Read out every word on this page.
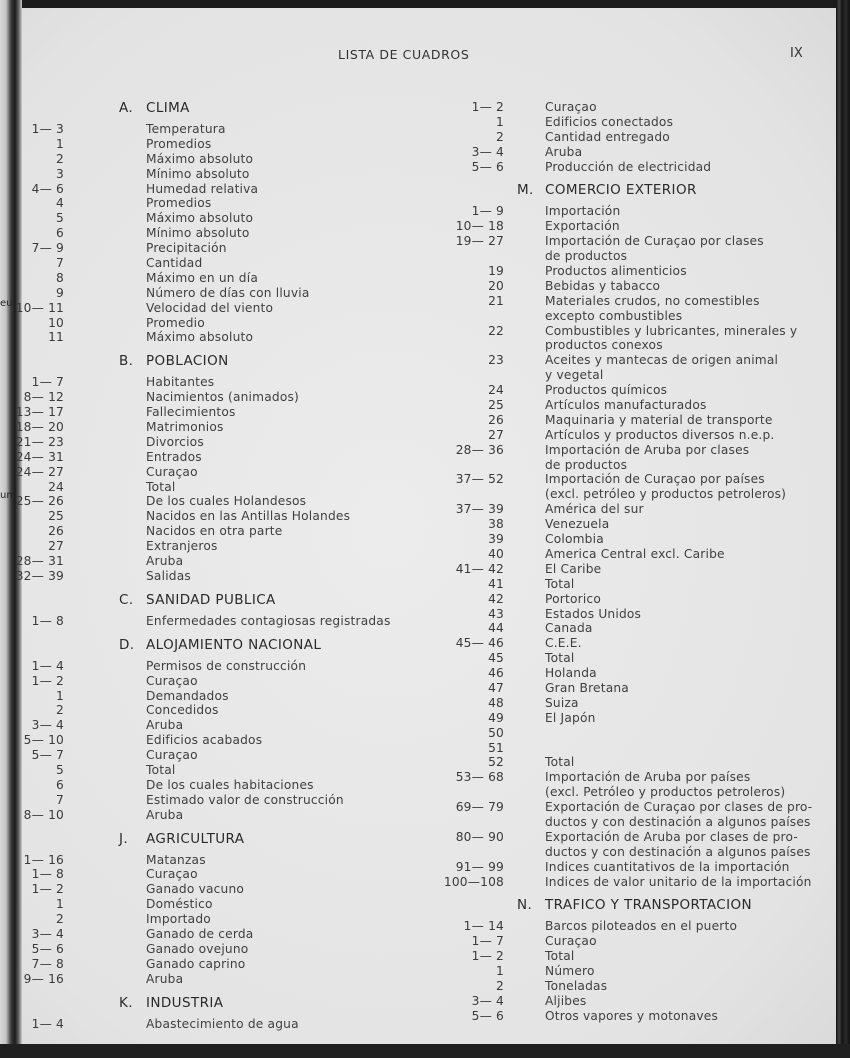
eu
um
LISTA DE CUADROS	IX
A. CLIMA
1— 3	Temperatura
1	Promedios
2	Máximo absoluto
3	Mínimo absoluto
4— 6	Humedad relativa
4	Promedios
5	Máximo absoluto
6	Mínimo absoluto
7— 9	Precipitación
7	Cantidad
8	Máximo en un día
9	Número de días con lluvia
10— 11	Velocidad del viento
10	Promedio
11	Máximo absoluto
B. POBLACION
1— 7	Habitantes
8— 12	Nacimientos (animados)
13— 17	Fallecimientos
18— 20	Matrimonios
21— 23	Divorcios
24— 31	Entrados
24— 27	Curaçao
24	Total
25— 26	De los cuales Holandesos
25	Nacidos en las Antillas Holandes
26	Nacidos en otra parte
27	Extranjeros
28— 31	Aruba
32— 39	Salidas
C. SANIDAD PUBLICA
1— 8	Enfermedades contagiosas registradas
D. ALOJAMIENTO NACIONAL
1— 4	Permisos de construcción
1— 2	Curaçao
1	Demandados
2	Concedidos
3— 4	Aruba
5— 10	Edificios acabados
5— 7	Curaçao
5	Total
6	De los cuales habitaciones
7	Estimado valor de construcción
8— 10	Aruba
J. AGRICULTURA
1— 16	Matanzas
1— 8	Curaçao
1— 2	Ganado vacuno
1	Doméstico
2	Importado
3— 4	Ganado de cerda
5— 6	Ganado ovejuno
7— 8	Ganado caprino
9— 16	Aruba
K. INDUSTRIA
1— 4	Abastecimiento de agua
1— 2	Curaçao
1	Edificios conectados
2	Cantidad entregado
3— 4	Aruba
5— 6	Producción de electricidad
M. COMERCIO EXTERIOR
1— 9	Importación
10— 18	Exportación
19— 27	Importación de Curaçao por clases
de productos
19	Productos alimenticios
20	Bebidas y tabacco
21	Materiales crudos, no comestibles
excepto combustibles
22	Combustibles y lubricantes, minerales y
productos conexos
23	Aceites y mantecas de origen animal
y vegetal
24	Productos químicos
25	Artículos manufacturados
26	Maquinaria y material de transporte
27	Artículos y productos diversos n.e.p.
28— 36	Importación de Aruba por clases
de productos
37— 52	Importación de Curaçao por países
(excl. petróleo y productos petroleros)
37— 39	América del sur
38	Venezuela
39	Colombia
40	America Central excl. Caribe
41— 42	El Caribe
41	Total
42	Portorico
43	Estados Unidos
44	Canada
45— 46	C.E.E.
45	Total
46	Holanda
47	Gran Bretana
48	Suiza
49	El Japón
50
51
52	Total
53— 68	Importación de Aruba por países
(excl. Petróleo y productos petroleros)
69— 79	Exportación de Curaçao por clases de pro-
ductos y con destinación a algunos países
80— 90	Exportación de Aruba por clases de pro-
ductos y con destinación a algunos países
91— 99	Indices cuantitativos de la importación
100—108	Indices de valor unitario de la importación
N. TRAFICO Y TRANSPORTACION
1— 14	Barcos piloteados en el puerto
1— 7	Curaçao
1— 2	Total
1	Número
2	Toneladas
3— 4	Aljibes
5— 6	Otros vapores y motonaves
